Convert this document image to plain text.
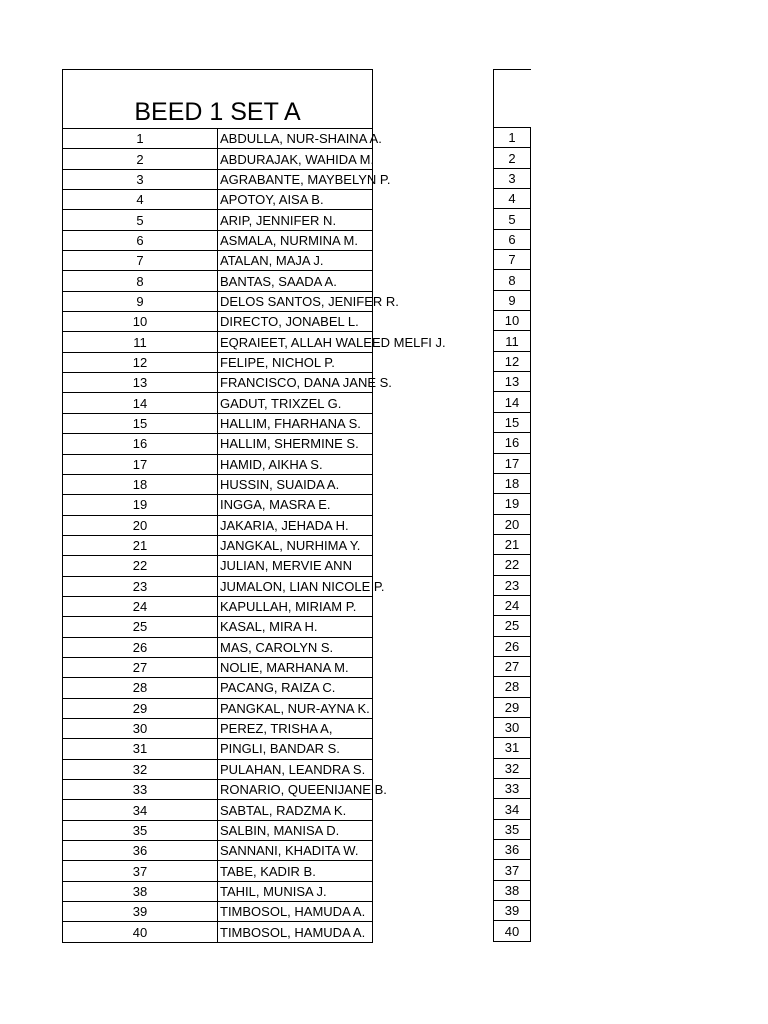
BEED 1 SET A	
1	ABDULLA, NUR-SHAINA A.
2	ABDURAJAK, WAHIDA M.
3	AGRABANTE, MAYBELYN P.
4	APOTOY, AISA B.
5	ARIP, JENNIFER N.
6	ASMALA, NURMINA M.
7	ATALAN, MAJA J.
8	BANTAS, SAADA A.
9	DELOS SANTOS, JENIFER R.
10	DIRECTO, JONABEL L.
11	EQRAIEET, ALLAH WALEED MELFI J.
12	FELIPE, NICHOL P.
13	FRANCISCO, DANA JANE S.
14	GADUT, TRIXZEL G.
15	HALLIM, FHARHANA S.
16	HALLIM, SHERMINE S.
17	HAMID, AIKHA S.
18	HUSSIN, SUAIDA A.
19	INGGA, MASRA E.
20	JAKARIA, JEHADA H.
21	JANGKAL, NURHIMA Y.
22	JULIAN, MERVIE ANN
23	JUMALON, LIAN NICOLE P.
24	KAPULLAH, MIRIAM P.
25	KASAL, MIRA H.
26	MAS, CAROLYN S.
27	NOLIE, MARHANA M.
28	PACANG, RAIZA C.
29	PANGKAL, NUR-AYNA K.
30	PEREZ, TRISHA A,
31	PINGLI, BANDAR S.
32	PULAHAN, LEANDRA S.
33	RONARIO, QUEENIJANE B.
34	SABTAL, RADZMA K.
35	SALBIN, MANISA D.
36	SANNANI, KHADITA W.
37	TABE, KADIR B.
38	TAHIL, MUNISA J.
39	TIMBOSOL, HAMUDA A.
40	TIMBOSOL, HAMUDA A.

1
2
3
4
5
6
7
8
9
10
11
12
13
14
15
16
17
18
19
20
21
22
23
24
25
26
27
28
29
30
31
32
33
34
35
36
37
38
39
40
